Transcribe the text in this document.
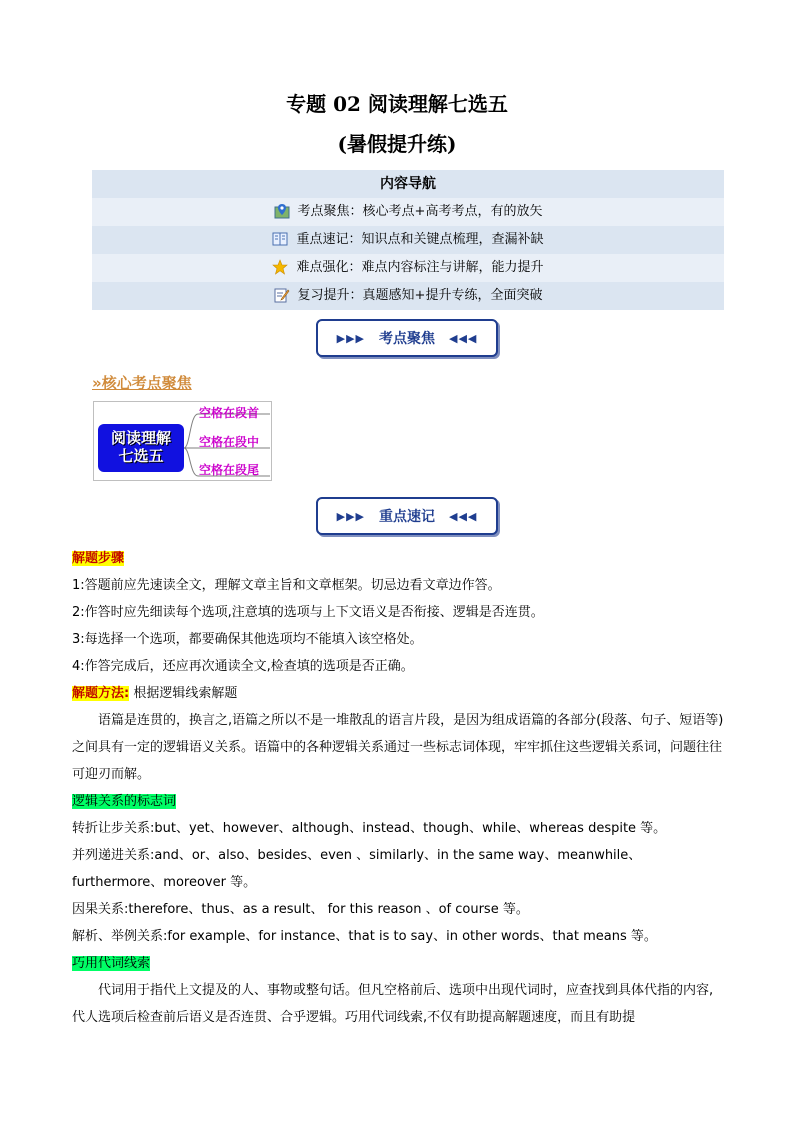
专题 02 阅读理解七选五
(暑假提升练)
内容导航
考点聚焦：核心考点+高考考点，有的放矢
重点速记：知识点和关键点梳理，查漏补缺
难点强化：难点内容标注与讲解，能力提升
复习提升：真题感知+提升专练，全面突破
▶▶▶ 考点聚焦 ◀◀◀
»核心考点聚焦
阅读理解
七选五
空格在段首
空格在段中
空格在段尾
▶▶▶ 重点速记 ◀◀◀

解题步骤

1:答题前应先速读全文，理解文章主旨和文章框架。切忌边看文章边作答。

2:作答时应先细读每个选项,注意填的选项与上下文语义是否衔接、逻辑是否连贯。

3:每选择一个选项，都要确保其他选项均不能填入该空格处。

4:作答完成后，还应再次通读全文,检查填的选项是否正确。

解题方法: 根据逻辑线索解题

语篇是连贯的，换言之,语篇之所以不是一堆散乱的语言片段，是因为组成语篇的各部分(段落、句子、短语等)之间具有一定的逻辑语义关系。语篇中的各种逻辑关系通过一些标志词体现，牢牢抓住这些逻辑关系词，问题往往可迎刃而解。

逻辑关系的标志词

转折让步关系:but、yet、however、although、instead、though、while、whereas despite 等。

并列递进关系:and、or、also、besides、even 、similarly、in the same way、meanwhile、furthermore、moreover 等。

因果关系:therefore、thus、as a result、 for this reason 、of course 等。

解析、举例关系:for example、for instance、that is to say、in other words、that means 等。

巧用代词线索

代词用于指代上文提及的人、事物或整句话。但凡空格前后、选项中出现代词时，应查找到具体代指的内容,代人选项后检查前后语义是否连贯、合乎逻辑。巧用代词线索,不仅有助提高解题速度，而且有助提
